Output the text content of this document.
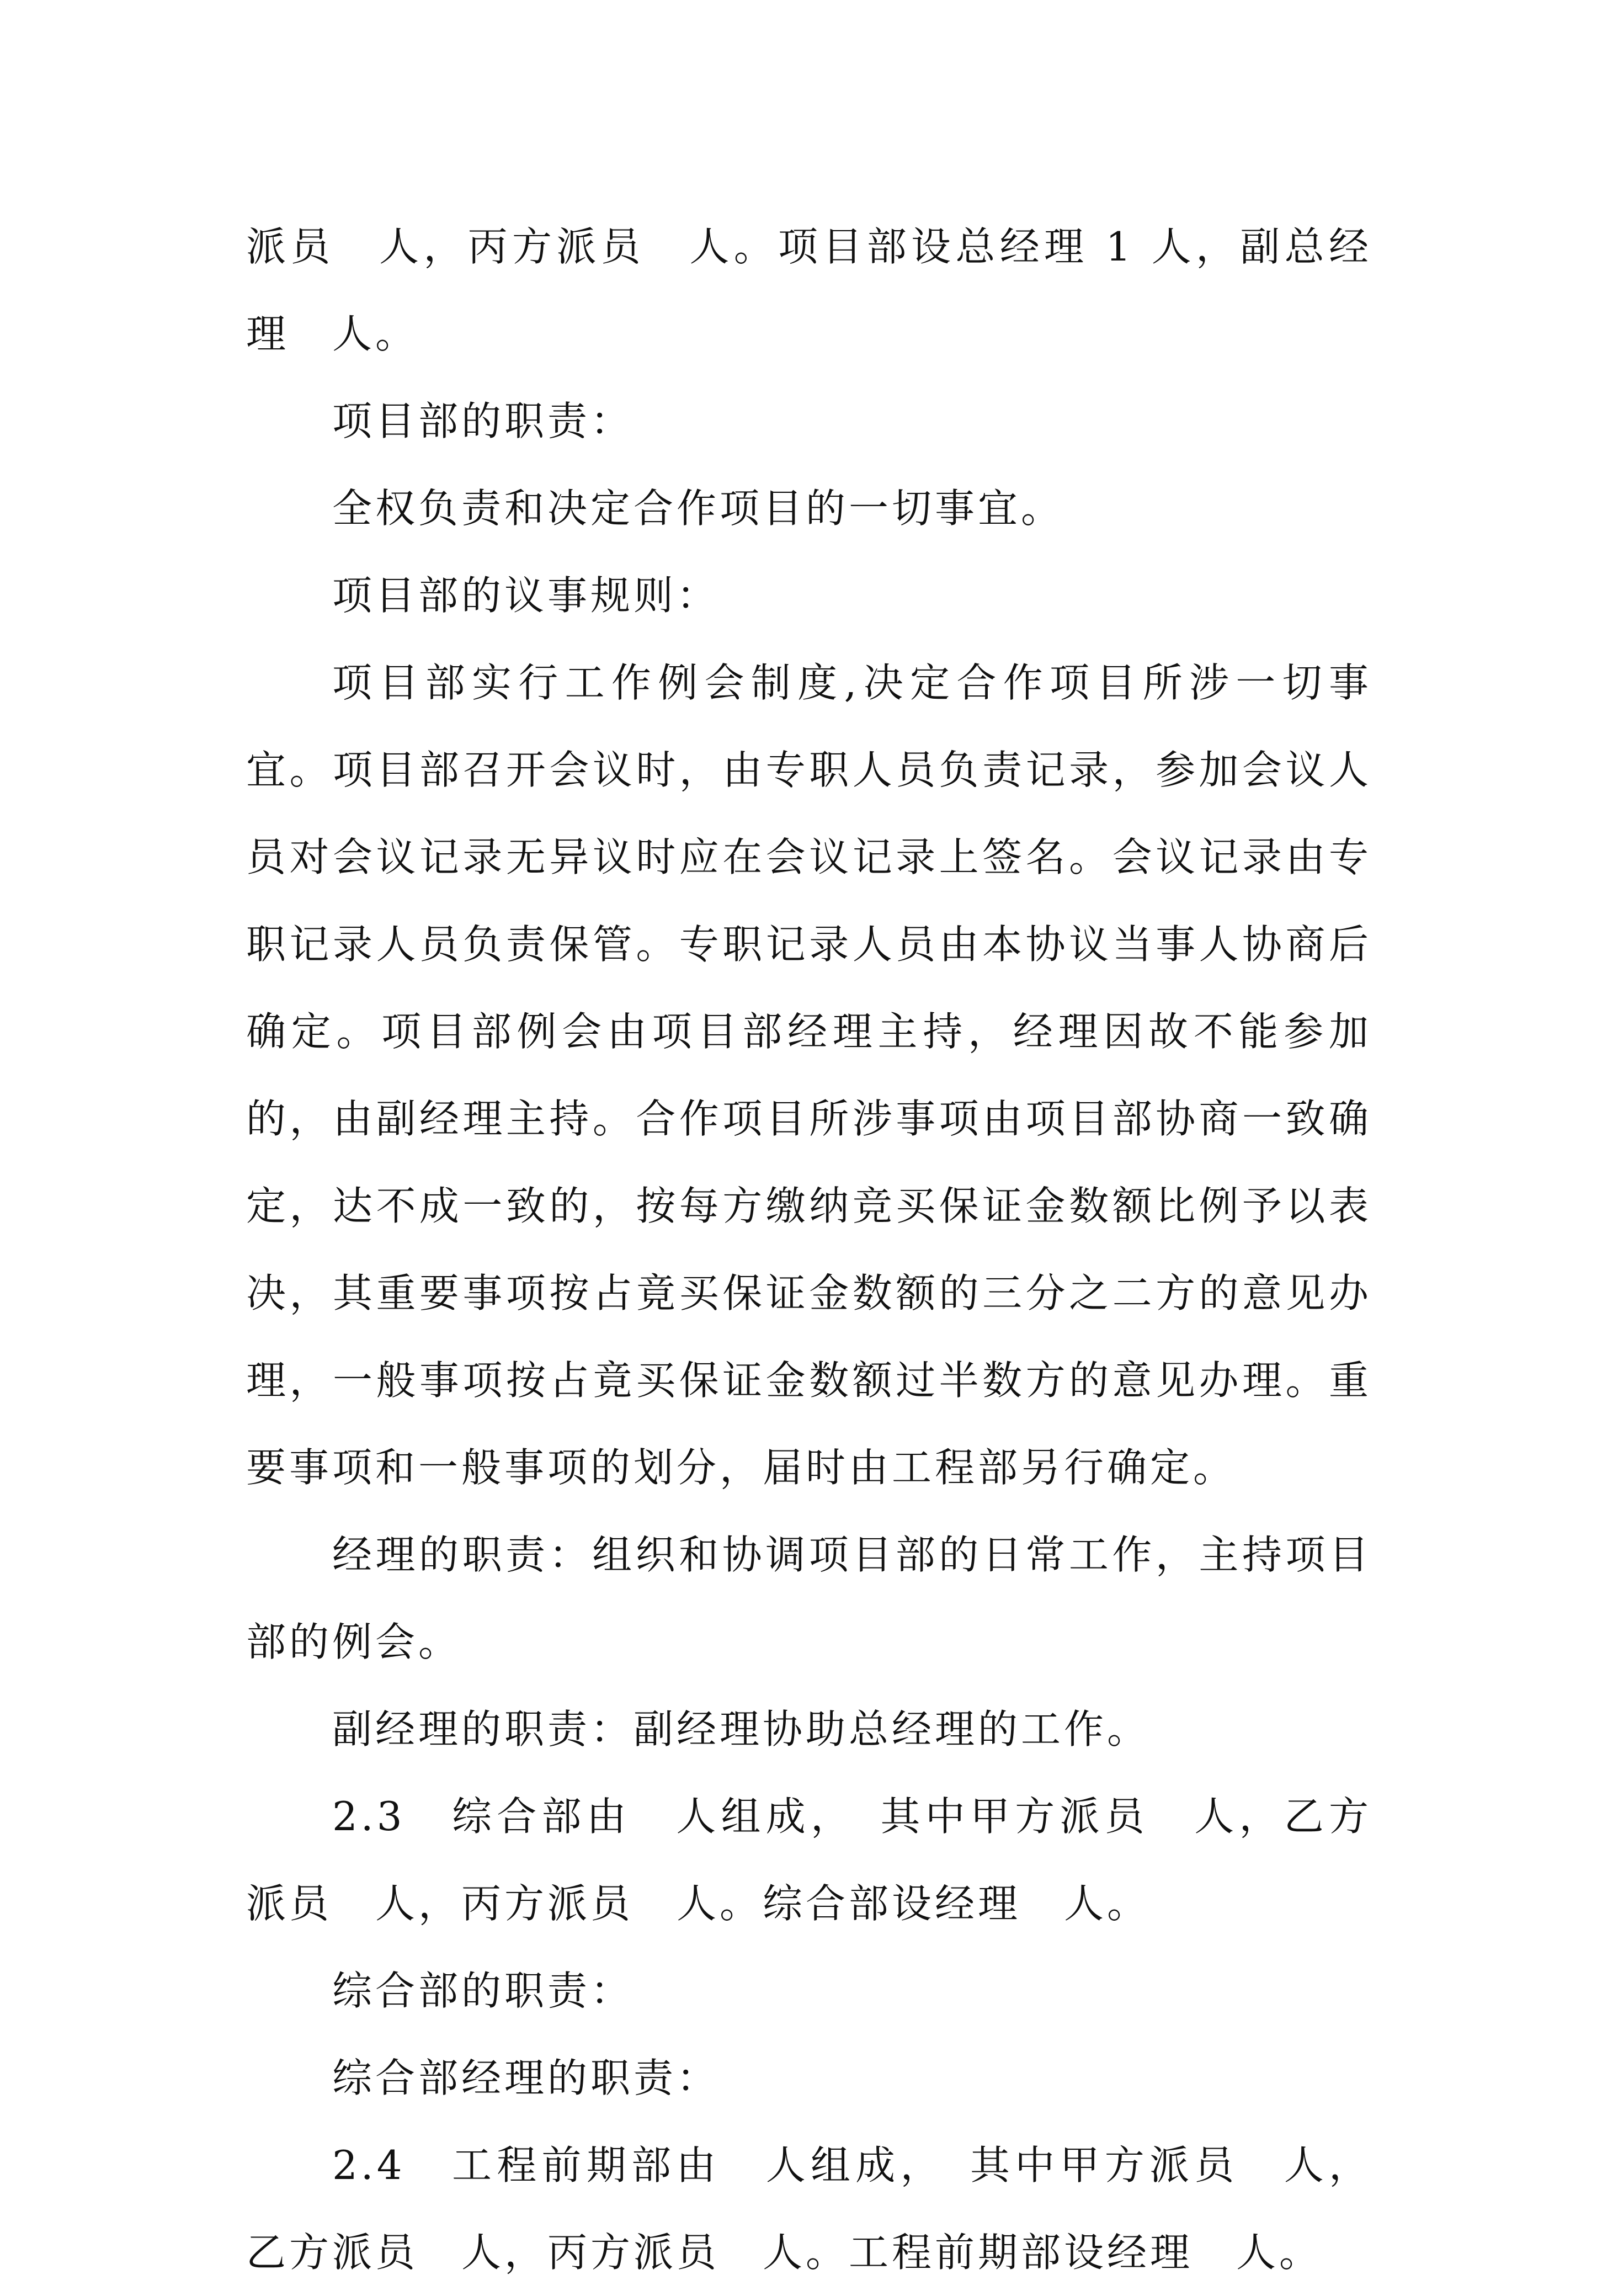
派员　人，丙方派员　人。项目部设总经理 1 人，副总经理　人。

项目部的职责：

全权负责和决定合作项目的一切事宜。

项目部的议事规则：

项目部实行工作例会制度,决定合作项目所涉一切事宜。项目部召开会议时，由专职人员负责记录，参加会议人员对会议记录无异议时应在会议记录上签名。会议记录由专职记录人员负责保管。专职记录人员由本协议当事人协商后确定。项目部例会由项目部经理主持，经理因故不能参加的，由副经理主持。合作项目所涉事项由项目部协商一致确定，达不成一致的，按每方缴纳竞买保证金数额比例予以表决，其重要事项按占竟买保证金数额的三分之二方的意见办理，一般事项按占竟买保证金数额过半数方的意见办理。重要事项和一般事项的划分，届时由工程部另行确定。

经理的职责：组织和协调项目部的日常工作，主持项目部的例会。

副经理的职责：副经理协助总经理的工作。

2.3　综合部由　人组成，　其中甲方派员　人，乙方派员　人，丙方派员　人。综合部设经理　人。

综合部的职责：

综合部经理的职责：

2.4　工程前期部由　人组成，　其中甲方派员　人，乙方派员　人，丙方派员　人。工程前期部设经理　人。
